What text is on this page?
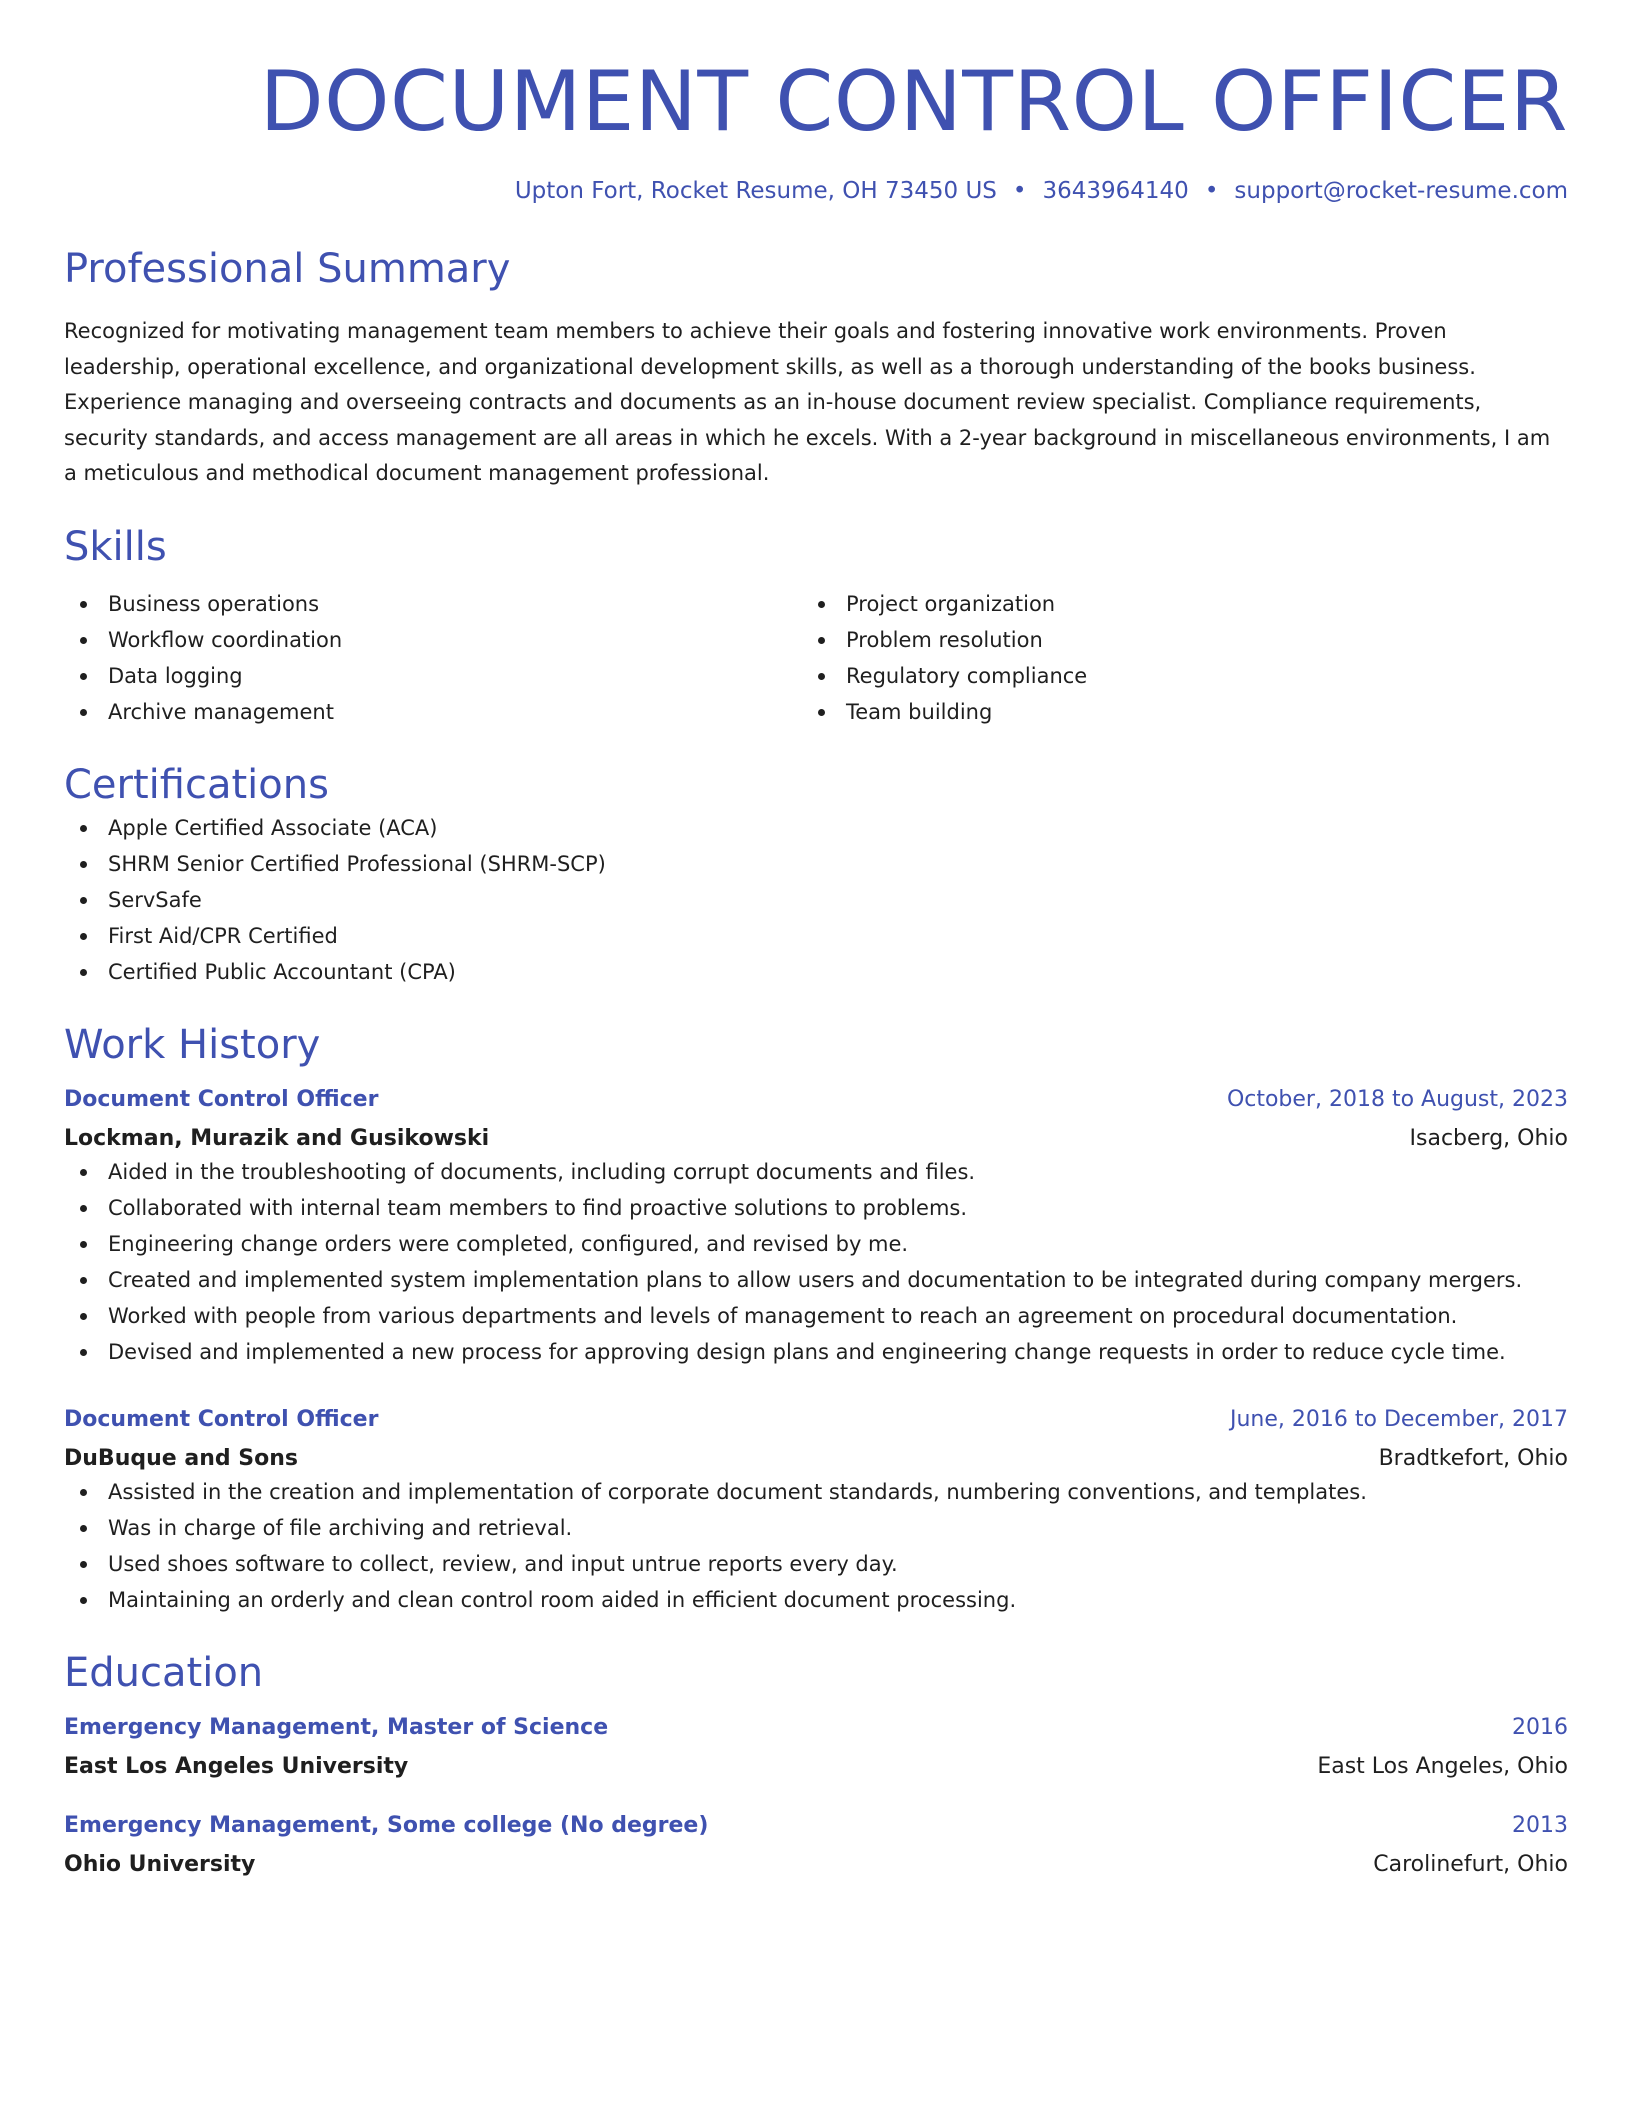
DOCUMENT CONTROL OFFICER
Upton Fort, Rocket Resume, OH 73450 US • 3643964140 • support@rocket-resume.com
Professional Summary

Recognized for motivating management team members to achieve their goals and fostering innovative work environments. Proven leadership, operational excellence, and organizational development skills, as well as a thorough understanding of the books business. Experience managing and overseeing contracts and documents as an in-house document review specialist. Compliance requirements, security standards, and access management are all areas in which he excels. With a 2-year background in miscellaneous environments, I am a meticulous and methodical document management professional.

Skills
Business operations
Workflow coordination
Data logging
Archive management
Project organization
Problem resolution
Regulatory compliance
Team building
Certifications
Apple Certified Associate (ACA)
SHRM Senior Certified Professional (SHRM-SCP)
ServSafe
First Aid/CPR Certified
Certified Public Accountant (CPA)
Work History
Document Control Officer	October, 2018 to August, 2023
Lockman, Murazik and Gusikowski	Isacberg, Ohio
Aided in the troubleshooting of documents, including corrupt documents and files.
Collaborated with internal team members to find proactive solutions to problems.
Engineering change orders were completed, configured, and revised by me.
Created and implemented system implementation plans to allow users and documentation to be integrated during company mergers.
Worked with people from various departments and levels of management to reach an agreement on procedural documentation.
Devised and implemented a new process for approving design plans and engineering change requests in order to reduce cycle time.
Document Control Officer	June, 2016 to December, 2017
DuBuque and Sons	Bradtkefort, Ohio
Assisted in the creation and implementation of corporate document standards, numbering conventions, and templates.
Was in charge of file archiving and retrieval.
Used shoes software to collect, review, and input untrue reports every day.
Maintaining an orderly and clean control room aided in efficient document processing.
Education
Emergency Management, Master of Science	2016
East Los Angeles University	East Los Angeles, Ohio
Emergency Management, Some college (No degree)	2013
Ohio University	Carolinefurt, Ohio
